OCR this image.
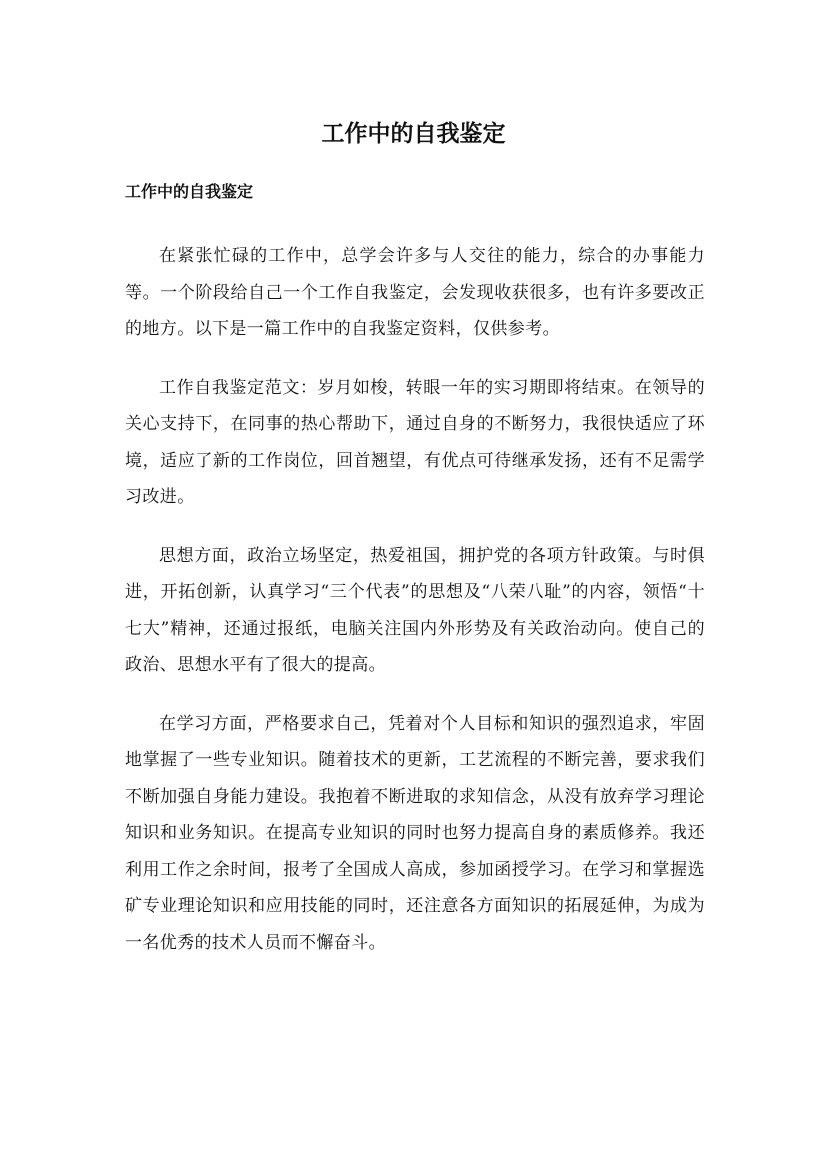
工作中的自我鉴定
工作中的自我鉴定

在紧张忙碌的工作中，总学会许多与人交往的能力，综合的办事能力等。一个阶段给自己一个工作自我鉴定，会发现收获很多，也有许多要改正的地方。以下是一篇工作中的自我鉴定资料，仅供参考。

工作自我鉴定范文：岁月如梭，转眼一年的实习期即将结束。在领导的关心支持下，在同事的热心帮助下，通过自身的不断努力，我很快适应了环境，适应了新的工作岗位，回首翘望，有优点可待继承发扬，还有不足需学习改进。

思想方面，政治立场坚定，热爱祖国，拥护党的各项方针政策。与时俱进，开拓创新，认真学习“三个代表”的思想及“八荣八耻”的内容，领悟“十七大”精神，还通过报纸，电脑关注国内外形势及有关政治动向。使自己的政治、思想水平有了很大的提高。

在学习方面，严格要求自己，凭着对个人目标和知识的强烈追求，牢固地掌握了一些专业知识。随着技术的更新，工艺流程的不断完善，要求我们不断加强自身能力建设。我抱着不断进取的求知信念，从没有放弃学习理论知识和业务知识。在提高专业知识的同时也努力提高自身的素质修养。我还利用工作之余时间，报考了全国成人高成，参加函授学习。在学习和掌握选矿专业理论知识和应用技能的同时，还注意各方面知识的拓展延伸，为成为一名优秀的技术人员而不懈奋斗。
